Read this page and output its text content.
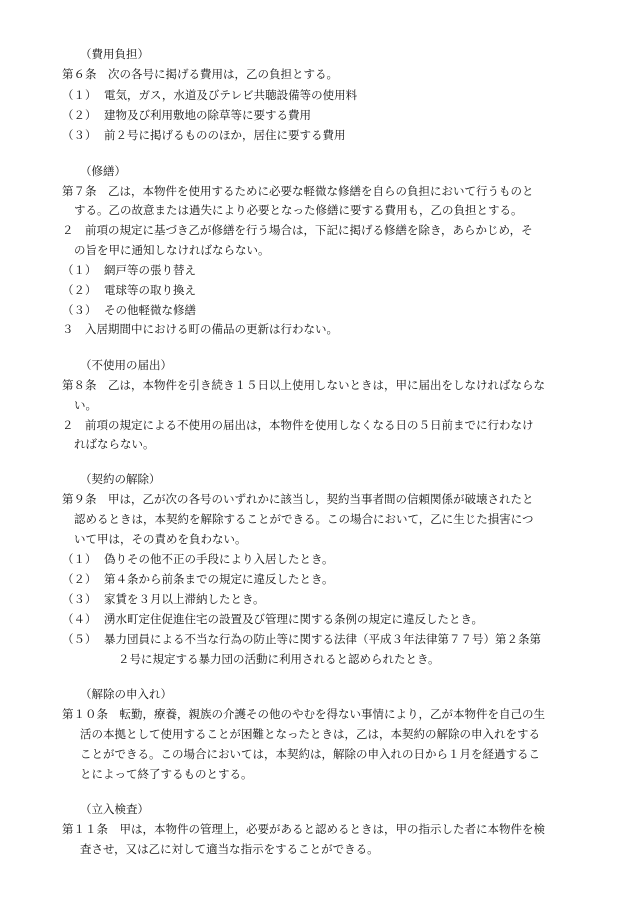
（費用負担）
第６条　次の各号に掲げる費用は，乙の負担とする。
（１） 電気，ガス，水道及びテレビ共聴設備等の使用料
（２） 建物及び利用敷地の除草等に要する費用
（３） 前２号に掲げるもののほか，居住に要する費用
（修繕）
第７条　乙は，本物件を使用するために必要な軽微な修繕を自らの負担において行うものと
する。乙の故意または過失により必要となった修繕に要する費用も，乙の負担とする。
２　前項の規定に基づき乙が修繕を行う場合は，下記に掲げる修繕を除き，あらかじめ，そ
の旨を甲に通知しなければならない。
（１） 網戸等の張り替え
（２） 電球等の取り換え
（３） その他軽微な修繕
３　入居期間中における町の備品の更新は行わない。
（不使用の届出）
第８条　乙は，本物件を引き続き１５日以上使用しないときは，甲に届出をしなければならな
い。
２　前項の規定による不使用の届出は，本物件を使用しなくなる日の５日前までに行わなけ
ればならない。
（契約の解除）
第９条　甲は，乙が次の各号のいずれかに該当し，契約当事者間の信頼関係が破壊されたと
認めるときは，本契約を解除することができる。この場合において，乙に生じた損害につ
いて甲は，その責めを負わない。
（１） 偽りその他不正の手段により入居したとき。
（２） 第４条から前条までの規定に違反したとき。
（３） 家賃を３月以上滞納したとき。
（４） 湧水町定住促進住宅の設置及び管理に関する条例の規定に違反したとき。
（５） 暴力団員による不当な行為の防止等に関する法律（平成３年法律第７７号）第２条第
２号に規定する暴力団の活動に利用されると認められたとき。
（解除の申入れ）
第１０条　転勤，療養，親族の介護その他のやむを得ない事情により，乙が本物件を自己の生
活の本拠として使用することが困難となったときは，乙は，本契約の解除の申入れをする
ことができる。この場合においては，本契約は，解除の申入れの日から１月を経過するこ
とによって終了するものとする。
（立入検査）
第１１条　甲は，本物件の管理上，必要があると認めるときは，甲の指示した者に本物件を検
査させ，又は乙に対して適当な指示をすることができる。
